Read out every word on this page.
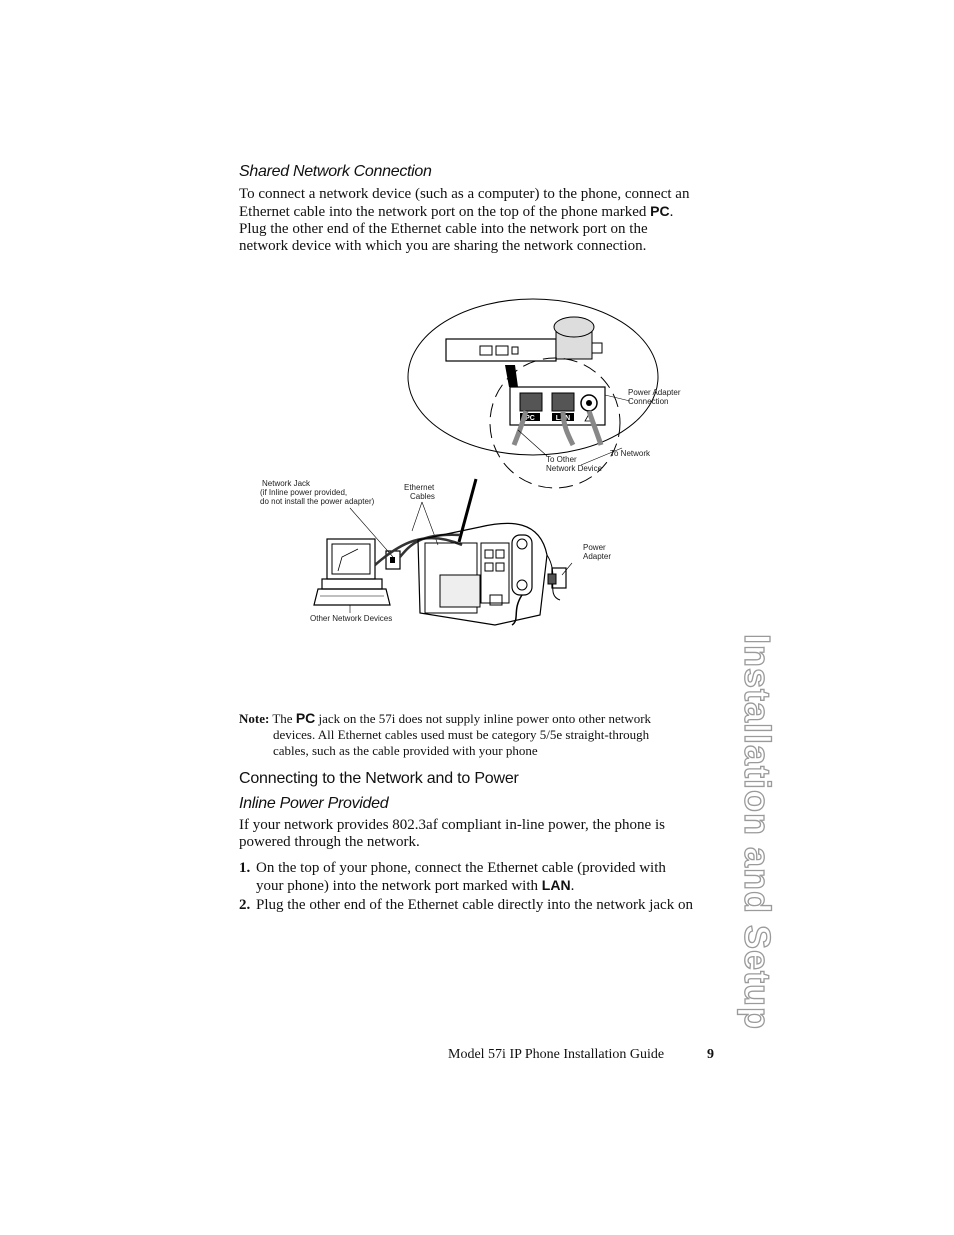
Shared Network Connection
To connect a network device (such as a computer) to the phone, connect an
Ethernet cable into the network port on the top of the phone marked PC.
Plug the other end of the Ethernet cable into the network port on the
network device with which you are sharing the network connection.
PC	LAN
Power Adapter
Connection
To Network
To Other
Network Device
Network Jack
(if Inline power provided,
do not install the power adapter)
Ethernet
Cables
Other Network Devices
Power
Adapter
Note: The PC jack on the 57i does not supply inline power onto other network
devices. All Ethernet cables used must be category 5/5e straight-through
cables, such as the cable provided with your phone
Connecting to the Network and to Power
Inline Power Provided
If your network provides 802.3af compliant in-line power, the phone is
powered through the network.
1. On the top of your phone, connect the Ethernet cable (provided with
your phone) into the network port marked with LAN.
2. Plug the other end of the Ethernet cable directly into the network jack on	Installation and Setup
Model 57i IP Phone Installation Guide	9
